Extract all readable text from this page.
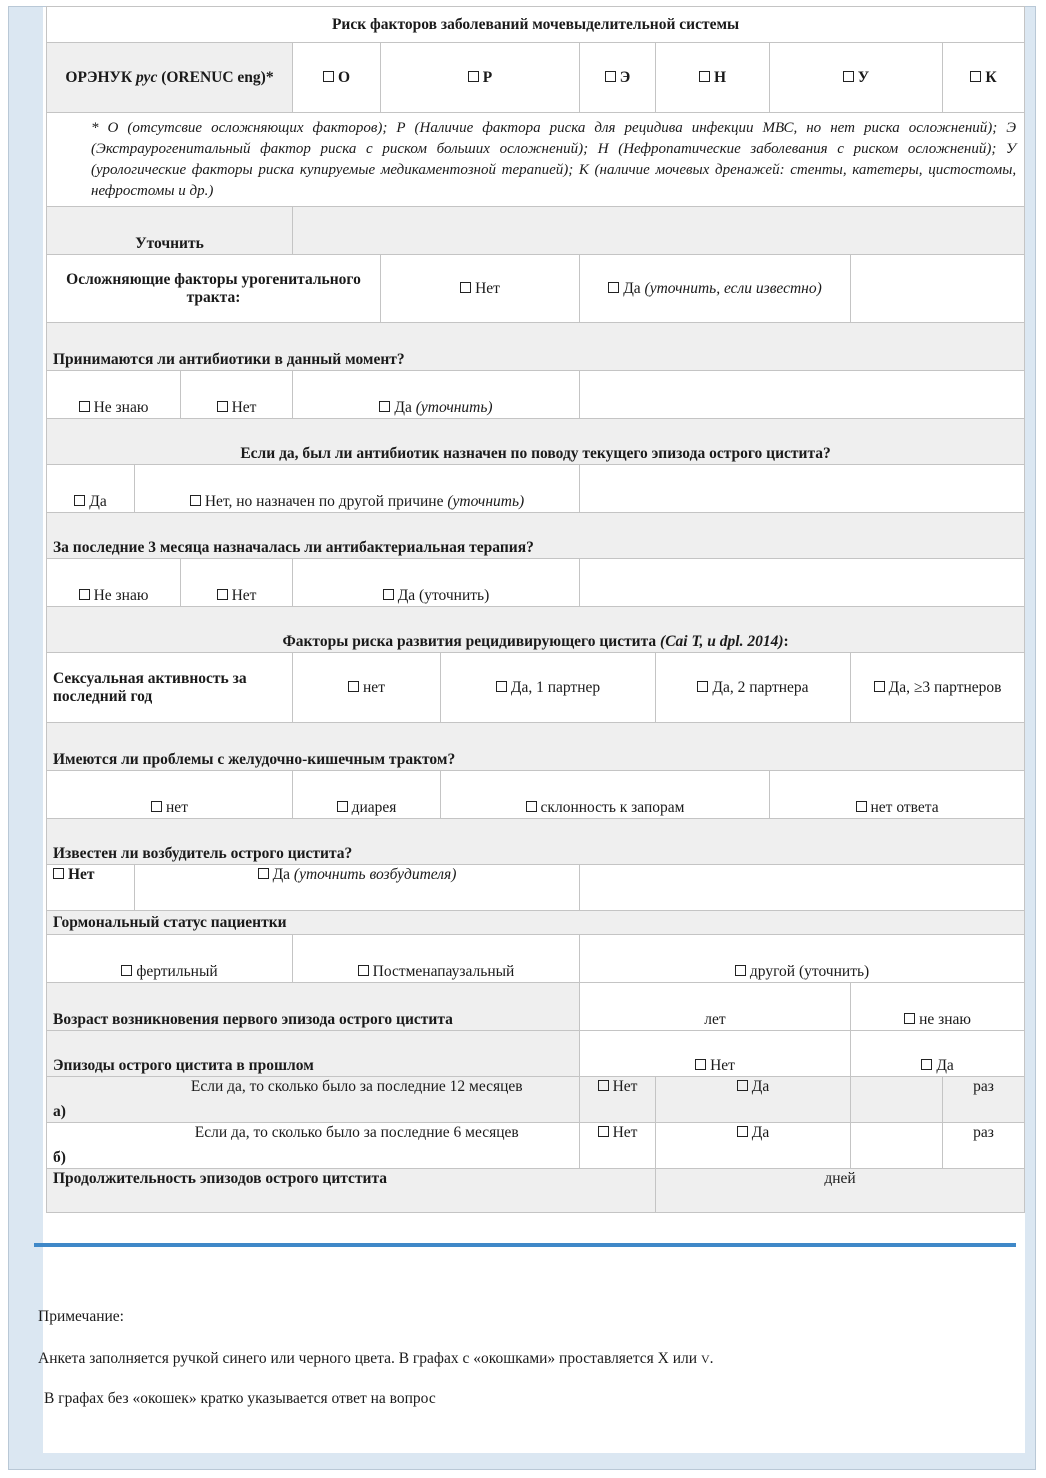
Риск факторов заболеваний мочевыделительной системы										
ОРЭНУК рус (ORENUC eng)*			О	Р		Э	Н	У		К
* О (отсутсвие осложняющих факторов); Р (Наличие фактора риска для рецидива инфекции МВС, но нет риска осложнений); Э (Экстраурогенитальный фактор риска с риском больших осложнений); Н (Нефропатические заболевания с риском осложнений); У (урологические факторы риска купируемые медикаментозной терапией); К (наличие мочевых дренажей: стенты, катетеры, цистостомы, нефростомы и др.)										
Уточнить										
Осложняющие факторы урогенитального тракта:				Нет		Да (уточнить, если известно)				
Принимаются ли антибиотики в данный момент?										
Не знаю		Нет	Да (уточнить)							
Если да, был ли антибиотик назначен по поводу текущего эпизода острого цистита?										
Да	Нет, но назначен по другой причине (уточнить)									
За последние 3 месяца назначалась ли антибактериальная терапия?										
Не знаю		Нет	Да (уточнить)							
Факторы риска развития рецидивирующего цистита (Cai T, и dpl. 2014):										
Сексуальная активность за последний год			нет		Да, 1 партнер		Да, 2 партнера		Да, ≥3 партнеров	
Имеются ли проблемы с желудочно-кишечным трактом?										
нет			диарея		склонность к запорам			нет ответа		
Известен ли возбудитель острого цистита?										
Нет	Да (уточнить возбудителя)									
Гормональный статус пациентки										
фертильный			Постменапаузальный			другой (уточнить)				
Возраст возникновения первого эпизода острого цистита						лет			не знаю	
Эпизоды острого цистита в прошлом						Нет			Да	
а)	Если да, то сколько было за последние 12 месяцев					Нет	Да			раз
б)	Если да, то сколько было за последние 6 месяцев					Нет	Да			раз
Продолжительность эпизодов острого цитстита							дней			
Примечание:
Анкета заполняется ручкой синего или черного цвета. В графах с «окошками» проставляется Х или V.
В графах без «окошек» кратко указывается ответ на вопрос
